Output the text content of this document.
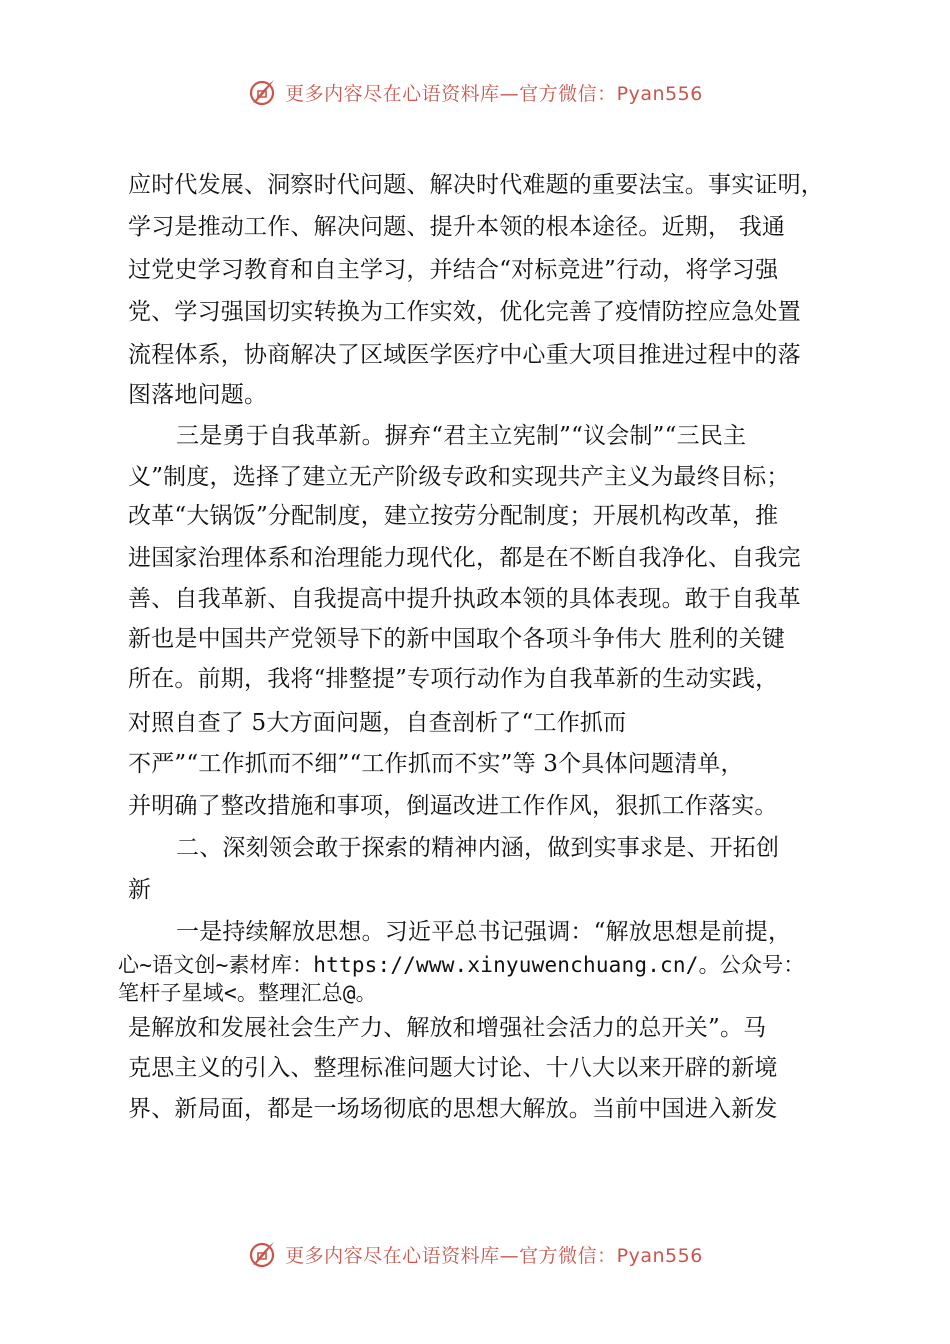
更多内容尽在心语资料库—官方微信：Pyan556
应时代发展、洞察时代问题、解决时代难题的重要法宝。事实证明，
学习是推动工作、解决问题、提升本领的根本途径。近期， 我通
过党史学习教育和自主学习，并结合“对标竞进”行动，将学习强
党、学习强国切实转换为工作实效，优化完善了疫情防控应急处置
流程体系，协商解决了区域医学医疗中心重大项目推进过程中的落
图落地问题。
三是勇于自我革新。摒弃“君主立宪制”“议会制”“三民主
义”制度，选择了建立无产阶级专政和实现共产主义为最终目标；
改革“大锅饭”分配制度，建立按劳分配制度；开展机构改革，推
进国家治理体系和治理能力现代化，都是在不断自我净化、自我完
善、自我革新、自我提高中提升执政本领的具体表现。敢于自我革
新也是中国共产党领导下的新中国取个各项斗争伟大 胜利的关键
所在。前期，我将“排整提”专项行动作为自我革新的生动实践，
对照自查了 5大方面问题，自查剖析了“工作抓而
不严”“工作抓而不细”“工作抓而不实”等 3个具体问题清单，
并明确了整改措施和事项，倒逼改进工作作风，狠抓工作落实。
二、深刻领会敢于探索的精神内涵，做到实事求是、开拓创
新
一是持续解放思想。习近平总书记强调：“解放思想是前提，
心~语文创~素材库：https://www.xinyuwenchuang.cn/。公众号：
笔杆子星域<。整理汇总@。
是解放和发展社会生产力、解放和增强社会活力的总开关”。马
克思主义的引入、整理标准问题大讨论、十八大以来开辟的新境
界、新局面，都是一场场彻底的思想大解放。当前中国进入新发
更多内容尽在心语资料库—官方微信：Pyan556
